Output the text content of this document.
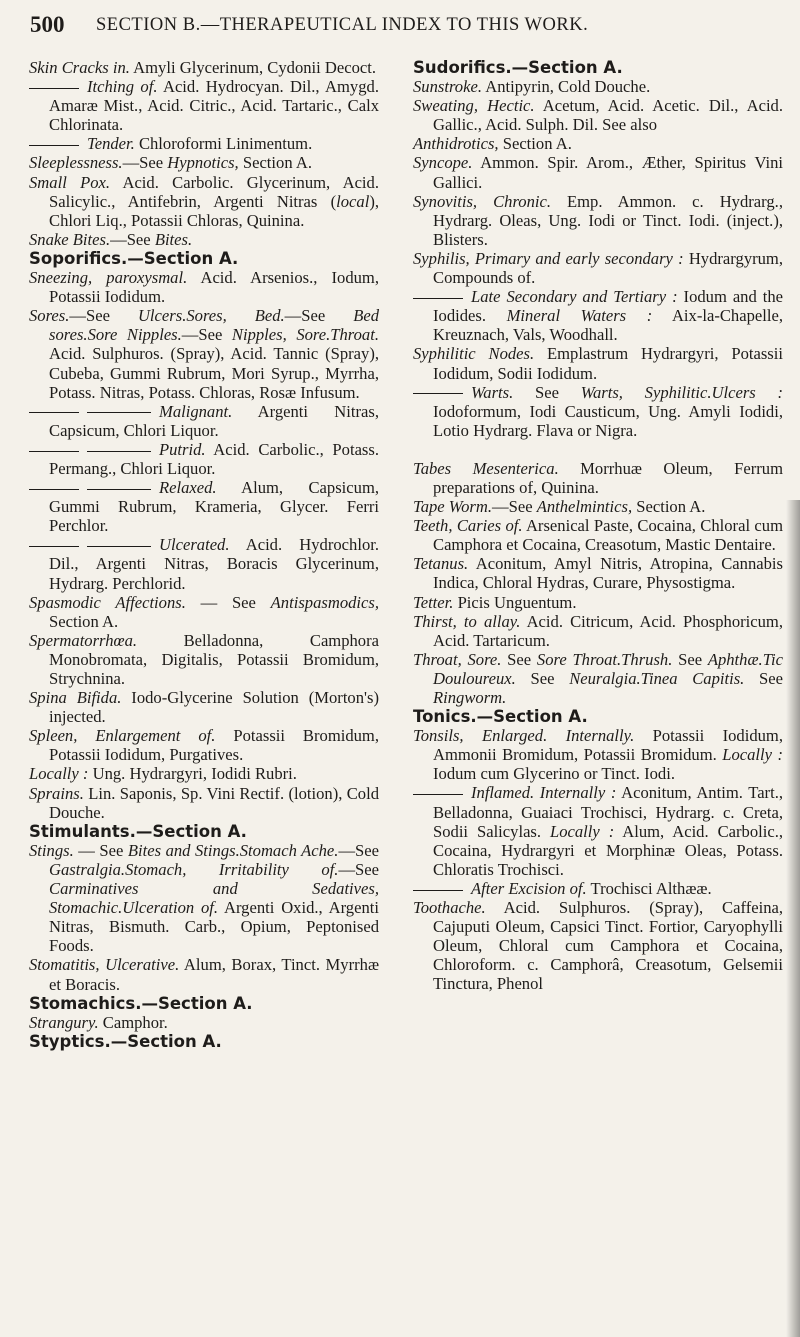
500 SECTION B.—THERAPEUTICAL INDEX TO THIS WORK.

Skin Cracks in. Amyli Glycerinum, Cydonii Decoct.

Itching of. Acid. Hydrocyan. Dil., Amygd. Amaræ Mist., Acid. Citric., Acid. Tartaric., Calx Chlorinata.

Tender. Chloroformi Linimentum.

Sleeplessness.—See Hypnotics, Section A.

Small Pox. Acid. Carbolic. Glycerinum, Acid. Salicylic., Antifebrin, Argenti Nitras (local), Chlori Liq., Potassii Chloras, Quinina.

Snake Bites.—See Bites.

Soporifics.—Section A.

Sneezing, paroxysmal. Acid. Arsenios., Iodum, Potassii Iodidum.

Sores.—See Ulcers.Sores, Bed.—See Bed sores.Sore Nipples.—See Nipples, Sore.Throat. Acid. Sulphuros. (Spray), Acid. Tannic (Spray), Cubeba, Gummi Rubrum, Mori Syrup., Myrrha, Potass. Nitras, Potass. Chloras, Rosæ Infusum.

Malignant. Argenti Nitras, Capsicum, Chlori Liquor.

Putrid. Acid. Carbolic., Potass. Permang., Chlori Liquor.

Relaxed. Alum, Capsicum, Gummi Rubrum, Krameria, Glycer. Ferri Perchlor.

Ulcerated. Acid. Hydrochlor. Dil., Argenti Nitras, Boracis Glycerinum, Hydrarg. Perchlorid.

Spasmodic Affections. — See Antispasmodics, Section A.

Spermatorrhœa. Belladonna, Camphora Monobromata, Digitalis, Potassii Bromidum, Strychnina.

Spina Bifida. Iodo-Glycerine Solution (Morton's) injected.

Spleen, Enlargement of. Potassii Bromidum, Potassii Iodidum, Purgatives.

Locally : Ung. Hydrargyri, Iodidi Rubri.

Sprains. Lin. Saponis, Sp. Vini Rectif. (lotion), Cold Douche.

Stimulants.—Section A.

Stings. — See Bites and Stings.Stomach Ache.—See Gastralgia.Stomach, Irritability of.—See Carminatives and Sedatives, Stomachic.Ulceration of. Argenti Oxid., Argenti Nitras, Bismuth. Carb., Opium, Peptonised Foods.

Stomatitis, Ulcerative. Alum, Borax, Tinct. Myrrhæ et Boracis.

Stomachics.—Section A.

Strangury. Camphor.

Styptics.—Section A.

Sudorifics.—Section A.

Sunstroke. Antipyrin, Cold Douche.

Sweating, Hectic. Acetum, Acid. Acetic. Dil., Acid. Gallic., Acid. Sulph. Dil. See also

Anthidrotics, Section A.

Syncope. Ammon. Spir. Arom., Æther, Spiritus Vini Gallici.

Synovitis, Chronic. Emp. Ammon. c. Hydrarg., Hydrarg. Oleas, Ung. Iodi or Tinct. Iodi. (inject.), Blisters.

Syphilis, Primary and early secondary : Hydrargyrum, Compounds of.

Late Secondary and Tertiary : Iodum and the Iodides. Mineral Waters : Aix-la-Chapelle, Kreuznach, Vals, Woodhall.

Syphilitic Nodes. Emplastrum Hydrargyri, Potassii Iodidum, Sodii Iodidum.

Warts. See Warts, Syphilitic.Ulcers : Iodoformum, Iodi Causticum, Ung. Amyli Iodidi, Lotio Hydrarg. Flava or Nigra.

Tabes Mesenterica. Morrhuæ Oleum, Ferrum preparations of, Quinina.

Tape Worm.—See Anthelmintics, Section A.

Teeth, Caries of. Arsenical Paste, Cocaina, Chloral cum Camphora et Cocaina, Creasotum, Mastic Dentaire.

Tetanus. Aconitum, Amyl Nitris, Atropina, Cannabis Indica, Chloral Hydras, Curare, Physostigma.

Tetter. Picis Unguentum.

Thirst, to allay. Acid. Citricum, Acid. Phosphoricum, Acid. Tartaricum.

Throat, Sore. See Sore Throat.Thrush. See Aphthæ.Tic Douloureux. See Neuralgia.Tinea Capitis. See Ringworm.

Tonics.—Section A.

Tonsils, Enlarged. Internally. Potassii Iodidum, Ammonii Bromidum, Potassii Bromidum. Locally : Iodum cum Glycerino or Tinct. Iodi.

Inflamed. Internally : Aconitum, Antim. Tart., Belladonna, Guaiaci Trochisci, Hydrarg. c. Creta, Sodii Salicylas. Locally : Alum, Acid. Carbolic., Cocaina, Hydrargyri et Morphinæ Oleas, Potass. Chloratis Trochisci.

After Excision of. Trochisci Althææ.

Toothache. Acid. Sulphuros. (Spray), Caffeina, Cajuputi Oleum, Capsici Tinct. Fortior, Caryophylli Oleum, Chloral cum Camphora et Cocaina, Chloroform. c. Camphorâ, Creasotum, Gelsemii Tinctura, Phenol
